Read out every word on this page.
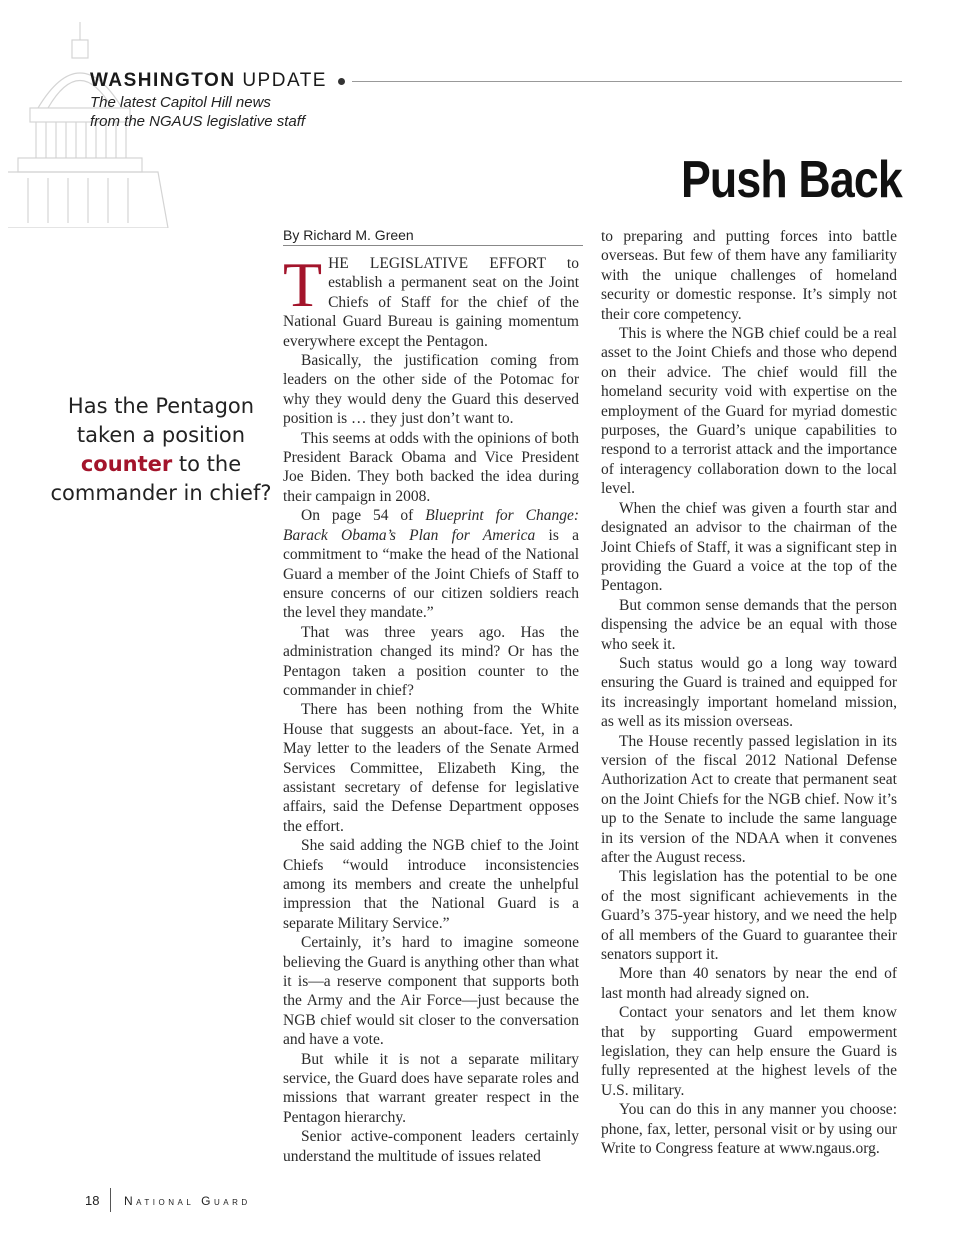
WASHINGTON UPDATE
The latest Capitol Hill news
from the NGAUS legislative staff
Push Back
By Richard M. Green
Has the Pentagon taken a position counter to the commander in chief?

THE LEGISLATIVE EFFORT to establish a permanent seat on the Joint Chiefs of Staff for the chief of the National Guard Bureau is gaining momentum everywhere except the Pentagon.

Basically, the justification coming from leaders on the other side of the Potomac for why they would deny the Guard this deserved position is … they just don’t want to.

This seems at odds with the opinions of both President Barack Obama and Vice President Joe Biden. They both backed the idea during their campaign in 2008.

On page 54 of Blueprint for Change: Barack Obama’s Plan for America is a commitment to “make the head of the National Guard a member of the Joint Chiefs of Staff to ensure concerns of our citizen soldiers reach the level they mandate.”

That was three years ago. Has the administration changed its mind? Or has the Pentagon taken a position counter to the commander in chief?

There has been nothing from the White House that suggests an about-face. Yet, in a May letter to the leaders of the Senate Armed Services Committee, Elizabeth King, the assistant secretary of defense for legislative affairs, said the Defense Department opposes the effort.

She said adding the NGB chief to the Joint Chiefs “would introduce inconsistencies among its members and create the unhelpful impression that the National Guard is a separate Military Service.”

Certainly, it’s hard to imagine someone believing the Guard is anything other than what it is—a reserve component that supports both the Army and the Air Force—just because the NGB chief would sit closer to the conversation and have a vote.

But while it is not a separate military service, the Guard does have separate roles and missions that warrant greater respect in the Pentagon hierarchy.

Senior active-component leaders certainly understand the multitude of issues related

to preparing and putting forces into battle overseas. But few of them have any familiarity with the unique challenges of homeland security or domestic response. It’s simply not their core competency.

This is where the NGB chief could be a real asset to the Joint Chiefs and those who depend on their advice. The chief would fill the homeland security void with expertise on the employment of the Guard for myriad domestic purposes, the Guard’s unique capabilities to respond to a terrorist attack and the importance of interagency collaboration down to the local level.

When the chief was given a fourth star and designated an advisor to the chairman of the Joint Chiefs of Staff, it was a significant step in providing the Guard a voice at the top of the Pentagon.

But common sense demands that the person dispensing the advice be an equal with those who seek it.

Such status would go a long way toward ensuring the Guard is trained and equipped for its increasingly important homeland mission, as well as its mission overseas.

The House recently passed legislation in its version of the fiscal 2012 National Defense Authorization Act to create that permanent seat on the Joint Chiefs for the NGB chief. Now it’s up to the Senate to include the same language in its version of the NDAA when it convenes after the August recess.

This legislation has the potential to be one of the most significant achievements in the Guard’s 375-year history, and we need the help of all members of the Guard to guarantee their senators support it.

More than 40 senators by near the end of last month had already signed on.

Contact your senators and let them know that by supporting Guard empowerment legislation, they can help ensure the Guard is fully represented at the highest levels of the U.S. military.

You can do this in any manner you choose: phone, fax, letter, personal visit or by using our Write to Congress feature at www.ngaus.org.

18 National Guard
